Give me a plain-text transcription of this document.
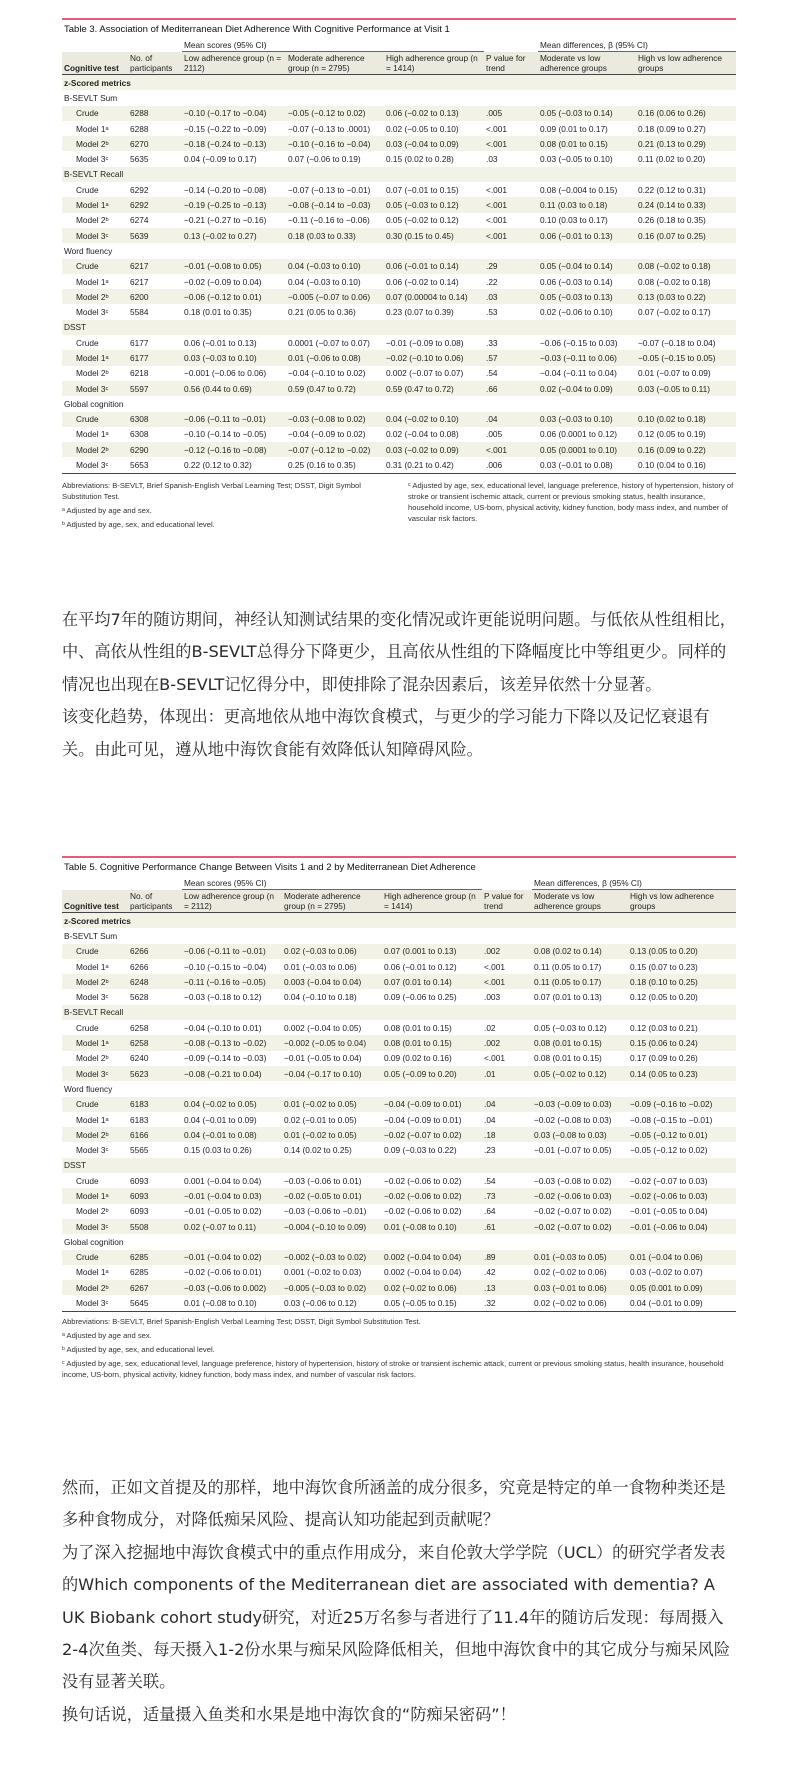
Table 3. Association of Mediterranean Diet Adherence With Cognitive Performance at Visit 1
		Mean scores (95% CI)				Mean differences, β (95% CI)	
Cognitive test	No. of participants	Low adherence group (n = 2112)	Moderate adherence group (n = 2795)	High adherence group (n = 1414)	P value for trend	Moderate vs low adherence groups	High vs low adherence groups
z-Scored metrics							
B-SEVLT Sum							
Crude	6288	−0.10 (−0.17 to −0.04)	−0.05 (−0.12 to 0.02)	0.06 (−0.02 to 0.13)	.005	0.05 (−0.03 to 0.14)	0.16 (0.06 to 0.26)
Model 1ᵃ	6288	−0.15 (−0.22 to −0.09)	−0.07 (−0.13 to .0001)	0.02 (−0.05 to 0.10)	<.001	0.09 (0.01 to 0.17)	0.18 (0.09 to 0.27)
Model 2ᵇ	6270	−0.18 (−0.24 to −0.13)	−0.10 (−0.16 to −0.04)	0.03 (−0.04 to 0.09)	<.001	0.08 (0.01 to 0.15)	0.21 (0.13 to 0.29)
Model 3ᶜ	5635	0.04 (−0.09 to 0.17)	0.07 (−0.06 to 0.19)	0.15 (0.02 to 0.28)	.03	0.03 (−0.05 to 0.10)	0.11 (0.02 to 0.20)
B-SEVLT Recall							
Crude	6292	−0.14 (−0.20 to −0.08)	−0.07 (−0.13 to −0.01)	0.07 (−0.01 to 0.15)	<.001	0.08 (−0.004 to 0.15)	0.22 (0.12 to 0.31)
Model 1ᵃ	6292	−0.19 (−0.25 to −0.13)	−0.08 (−0.14 to −0.03)	0.05 (−0.03 to 0.12)	<.001	0.11 (0.03 to 0.18)	0.24 (0.14 to 0.33)
Model 2ᵇ	6274	−0.21 (−0.27 to −0.16)	−0.11 (−0.16 to −0.06)	0.05 (−0.02 to 0.12)	<.001	0.10 (0.03 to 0.17)	0.26 (0.18 to 0.35)
Model 3ᶜ	5639	0.13 (−0.02 to 0.27)	0.18 (0.03 to 0.33)	0.30 (0.15 to 0.45)	<.001	0.06 (−0.01 to 0.13)	0.16 (0.07 to 0.25)
Word fluency							
Crude	6217	−0.01 (−0.08 to 0.05)	0.04 (−0.03 to 0.10)	0.06 (−0.01 to 0.14)	.29	0.05 (−0.04 to 0.14)	0.08 (−0.02 to 0.18)
Model 1ᵃ	6217	−0.02 (−0.09 to 0.04)	0.04 (−0.03 to 0.10)	0.06 (−0.02 to 0.14)	.22	0.06 (−0.03 to 0.14)	0.08 (−0.02 to 0.18)
Model 2ᵇ	6200	−0.06 (−0.12 to 0.01)	−0.005 (−0.07 to 0.06)	0.07 (0.00004 to 0.14)	.03	0.05 (−0.03 to 0.13)	0.13 (0.03 to 0.22)
Model 3ᶜ	5584	0.18 (0.01 to 0.35)	0.21 (0.05 to 0.36)	0.23 (0.07 to 0.39)	.53	0.02 (−0.06 to 0.10)	0.07 (−0.02 to 0.17)
DSST							
Crude	6177	0.06 (−0.01 to 0.13)	0.0001 (−0.07 to 0.07)	−0.01 (−0.09 to 0.08)	.33	−0.06 (−0.15 to 0.03)	−0.07 (−0.18 to 0.04)
Model 1ᵃ	6177	0.03 (−0.03 to 0.10)	0.01 (−0.06 to 0.08)	−0.02 (−0.10 to 0.06)	.57	−0.03 (−0.11 to 0.06)	−0.05 (−0.15 to 0.05)
Model 2ᵇ	6218	−0.001 (−0.06 to 0.06)	−0.04 (−0.10 to 0.02)	0.002 (−0.07 to 0.07)	.54	−0.04 (−0.11 to 0.04)	0.01 (−0.07 to 0.09)
Model 3ᶜ	5597	0.56 (0.44 to 0.69)	0.59 (0.47 to 0.72)	0.59 (0.47 to 0.72)	.66	0.02 (−0.04 to 0.09)	0.03 (−0.05 to 0.11)
Global cognition							
Crude	6308	−0.06 (−0.11 to −0.01)	−0.03 (−0.08 to 0.02)	0.04 (−0.02 to 0.10)	.04	0.03 (−0.03 to 0.10)	0.10 (0.02 to 0.18)
Model 1ᵃ	6308	−0.10 (−0.14 to −0.05)	−0.04 (−0.09 to 0.02)	0.02 (−0.04 to 0.08)	.005	0.06 (0.0001 to 0.12)	0.12 (0.05 to 0.19)
Model 2ᵇ	6290	−0.12 (−0.16 to −0.08)	−0.07 (−0.12 to −0.02)	0.03 (−0.02 to 0.09)	<.001	0.05 (0.0001 to 0.10)	0.16 (0.09 to 0.22)
Model 3ᶜ	5653	0.22 (0.12 to 0.32)	0.25 (0.16 to 0.35)	0.31 (0.21 to 0.42)	.006	0.03 (−0.01 to 0.08)	0.10 (0.04 to 0.16)

Abbreviations: B-SEVLT, Brief Spanish-English Verbal Learning Test; DSST, Digit Symbol Substitution Test.

ᵃ Adjusted by age and sex.

ᵇ Adjusted by age, sex, and educational level.

ᶜ Adjusted by age, sex, educational level, language preference, history of hypertension, history of stroke or transient ischemic attack, current or previous smoking status, health insurance, household income, US-born, physical activity, kidney function, body mass index, and number of vascular risk factors.

在平均7年的随访期间，神经认知测试结果的变化情况或许更能说明问题。与低依从性组相比，中、高依从性组的B-SEVLT总得分下降更少，且高依从性组的下降幅度比中等组更少。同样的情况也出现在B-SEVLT记忆得分中，即使排除了混杂因素后，该差异依然十分显著。

该变化趋势，体现出：更高地依从地中海饮食模式，与更少的学习能力下降以及记忆衰退有关。由此可见，遵从地中海饮食能有效降低认知障碍风险。

Table 5. Cognitive Performance Change Between Visits 1 and 2 by Mediterranean Diet Adherence
		Mean scores (95% CI)				Mean differences, β (95% CI)	
Cognitive test	No. of participants	Low adherence group (n = 2112)	Moderate adherence group (n = 2795)	High adherence group (n = 1414)	P value for trend	Moderate vs low adherence groups	High vs low adherence groups
z-Scored metrics							
B-SEVLT Sum							
Crude	6266	−0.06 (−0.11 to −0.01)	0.02 (−0.03 to 0.06)	0.07 (0.001 to 0.13)	.002	0.08 (0.02 to 0.14)	0.13 (0.05 to 0.20)
Model 1ᵃ	6266	−0.10 (−0.15 to −0.04)	0.01 (−0.03 to 0.06)	0.06 (−0.01 to 0.12)	<.001	0.11 (0.05 to 0.17)	0.15 (0.07 to 0.23)
Model 2ᵇ	6248	−0.11 (−0.16 to −0.05)	0.003 (−0.04 to 0.04)	0.07 (0.01 to 0.14)	<.001	0.11 (0.05 to 0.17)	0.18 (0.10 to 0.25)
Model 3ᶜ	5628	−0.03 (−0.18 to 0.12)	0.04 (−0.10 to 0.18)	0.09 (−0.06 to 0.25)	.003	0.07 (0.01 to 0.13)	0.12 (0.05 to 0.20)
B-SEVLT Recall							
Crude	6258	−0.04 (−0.10 to 0.01)	0.002 (−0.04 to 0.05)	0.08 (0.01 to 0.15)	.02	0.05 (−0.03 to 0.12)	0.12 (0.03 to 0.21)
Model 1ᵃ	6258	−0.08 (−0.13 to −0.02)	−0.002 (−0.05 to 0.04)	0.08 (0.01 to 0.15)	.002	0.08 (0.01 to 0.15)	0.15 (0.06 to 0.24)
Model 2ᵇ	6240	−0.09 (−0.14 to −0.03)	−0.01 (−0.05 to 0.04)	0.09 (0.02 to 0.16)	<.001	0.08 (0.01 to 0.15)	0.17 (0.09 to 0.26)
Model 3ᶜ	5623	−0.08 (−0.21 to 0.04)	−0.04 (−0.17 to 0.10)	0.05 (−0.09 to 0.20)	.01	0.05 (−0.02 to 0.12)	0.14 (0.05 to 0.23)
Word fluency							
Crude	6183	0.04 (−0.02 to 0.05)	0.01 (−0.02 to 0.05)	−0.04 (−0.09 to 0.01)	.04	−0.03 (−0.09 to 0.03)	−0.09 (−0.16 to −0.02)
Model 1ᵃ	6183	0.04 (−0.01 to 0.09)	0.02 (−0.01 to 0.05)	−0.04 (−0.09 to 0.01)	.04	−0.02 (−0.08 to 0.03)	−0.08 (−0.15 to −0.01)
Model 2ᵇ	6166	0.04 (−0.01 to 0.08)	0.01 (−0.02 to 0.05)	−0.02 (−0.07 to 0.02)	.18	0.03 (−0.08 to 0.03)	−0.05 (−0.12 to 0.01)
Model 3ᶜ	5565	0.15 (0.03 to 0.26)	0.14 (0.02 to 0.25)	0.09 (−0.03 to 0.22)	.23	−0.01 (−0.07 to 0.05)	−0.05 (−0.12 to 0.02)
DSST							
Crude	6093	0.001 (−0.04 to 0.04)	−0.03 (−0.06 to 0.01)	−0.02 (−0.06 to 0.02)	.54	−0.03 (−0.08 to 0.02)	−0.02 (−0.07 to 0.03)
Model 1ᵃ	6093	−0.01 (−0.04 to 0.03)	−0.02 (−0.05 to 0.01)	−0.02 (−0.06 to 0.02)	.73	−0.02 (−0.06 to 0.03)	−0.02 (−0.06 to 0.03)
Model 2ᵇ	6093	−0.01 (−0.05 to 0.02)	−0.03 (−0.06 to −0.01)	−0.02 (−0.06 to 0.02)	.64	−0.02 (−0.07 to 0.02)	−0.01 (−0.05 to 0.04)
Model 3ᶜ	5508	0.02 (−0.07 to 0.11)	−0.004 (−0.10 to 0.09)	0.01 (−0.08 to 0.10)	.61	−0.02 (−0.07 to 0.02)	−0.01 (−0.06 to 0.04)
Global cognition							
Crude	6285	−0.01 (−0.04 to 0.02)	−0.002 (−0.03 to 0.02)	0.002 (−0.04 to 0.04)	.89	0.01 (−0.03 to 0.05)	0.01 (−0.04 to 0.06)
Model 1ᵃ	6285	−0.02 (−0.06 to 0.01)	0.001 (−0.02 to 0.03)	0.002 (−0.04 to 0.04)	.42	0.02 (−0.02 to 0.06)	0.03 (−0.02 to 0.07)
Model 2ᵇ	6267	−0.03 (−0.06 to 0.002)	−0.005 (−0.03 to 0.02)	0.02 (−0.02 to 0.06)	.13	0.03 (−0.01 to 0.06)	0.05 (0.001 to 0.09)
Model 3ᶜ	5645	0.01 (−0.08 to 0.10)	0.03 (−0.06 to 0.12)	0.05 (−0.05 to 0.15)	.32	0.02 (−0.02 to 0.06)	0.04 (−0.01 to 0.09)

Abbreviations: B-SEVLT, Brief Spanish-English Verbal Learning Test; DSST, Digit Symbol Substitution Test.

ᵃ Adjusted by age and sex.

ᵇ Adjusted by age, sex, and educational level.

ᶜ Adjusted by age, sex, educational level, language preference, history of hypertension, history of stroke or transient ischemic attack, current or previous smoking status, health insurance, household income, US-born, physical activity, kidney function, body mass index, and number of vascular risk factors.

然而，正如文首提及的那样，地中海饮食所涵盖的成分很多，究竟是特定的单一食物种类还是多种食物成分，对降低痴呆风险、提高认知功能起到贡献呢？

为了深入挖掘地中海饮食模式中的重点作用成分，来自伦敦大学学院（UCL）的研究学者发表的Which components of the Mediterranean diet are associated with dementia? A UK Biobank cohort study研究，对近25万名参与者进行了11.4年的随访后发现：每周摄入2-4次鱼类、每天摄入1-2份水果与痴呆风险降低相关，但地中海饮食中的其它成分与痴呆风险没有显著关联。

换句话说，适量摄入鱼类和水果是地中海饮食的“防痴呆密码”！
